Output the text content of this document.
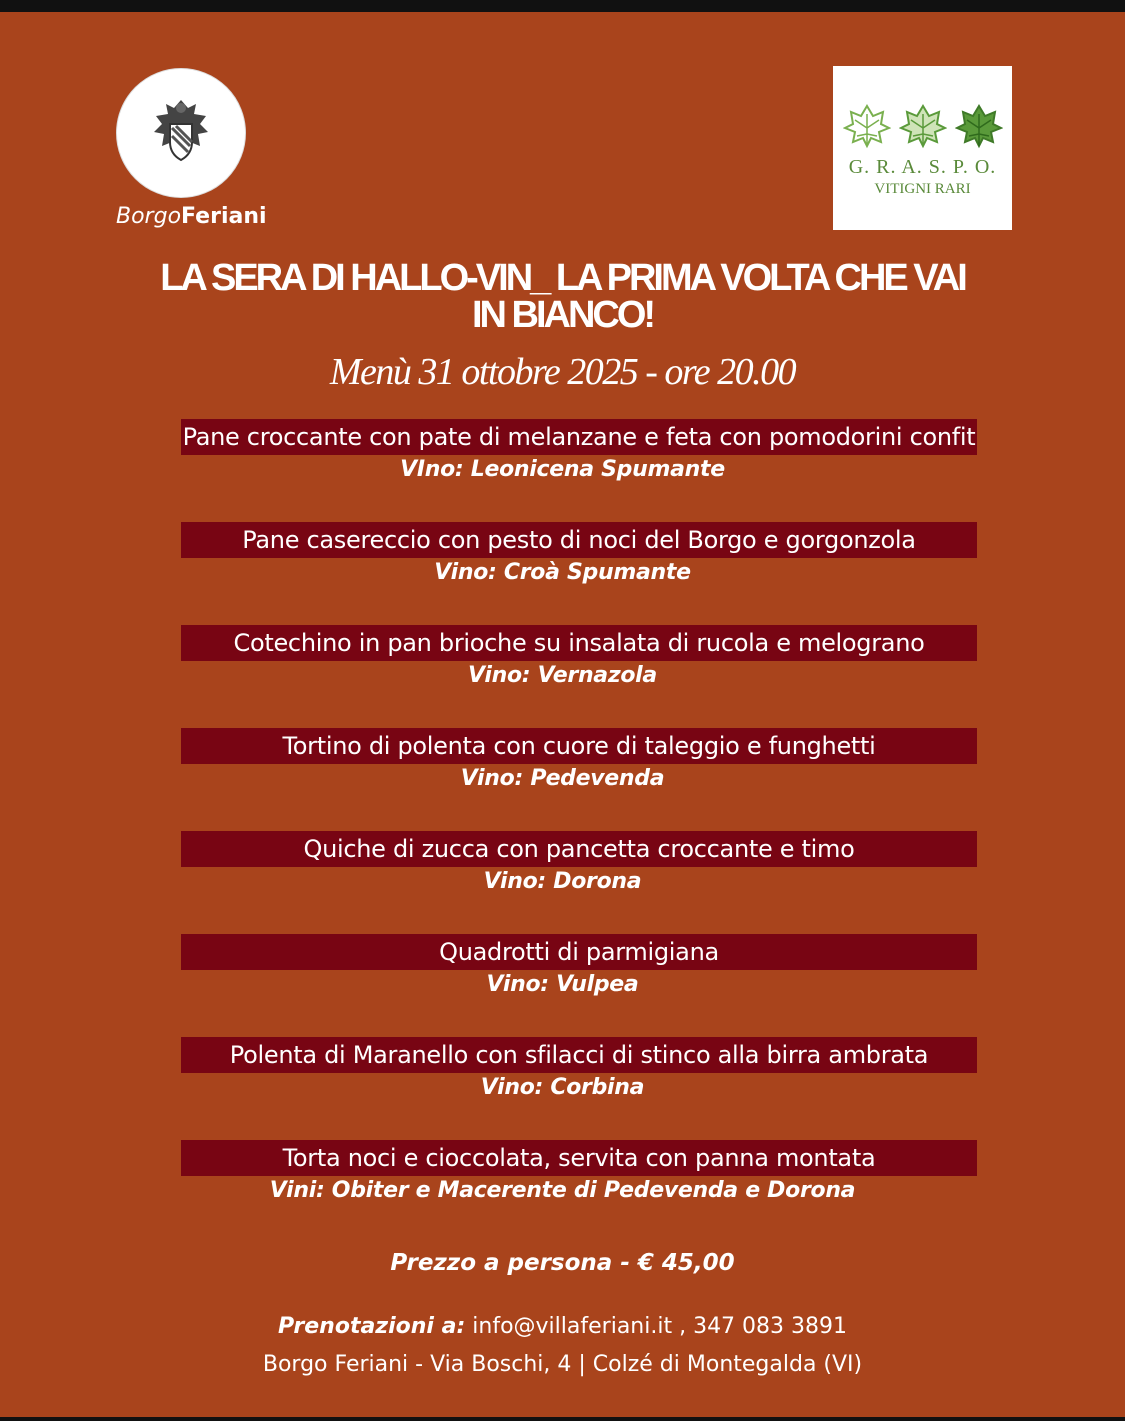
BorgoFeriani
G. R. A. S. P. O.
VITIGNI RARI
LA SERA DI HALLO-VIN_ LA PRIMA VOLTA CHE VAI
IN BIANCO!
Menù 31 ottobre 2025 - ore 20.00
Pane croccante con pate di melanzane e feta con pomodorini confit
VIno: Leonicena Spumante
Pane casereccio con pesto di noci del Borgo e gorgonzola
Vino: Croà Spumante
Cotechino in pan brioche su insalata di rucola e melograno
Vino: Vernazola
Tortino di polenta con cuore di taleggio e funghetti
Vino: Pedevenda
Quiche di zucca con pancetta croccante e timo
Vino: Dorona
Quadrotti di parmigiana
Vino: Vulpea
Polenta di Maranello con sfilacci di stinco alla birra ambrata
Vino: Corbina
Torta noci e cioccolata, servita con panna montata
Vini: Obiter e Macerente di Pedevenda e Dorona
Prezzo a persona - € 45,00
Prenotazioni a: info@villaferiani.it , 347 083 3891
Borgo Feriani - Via Boschi, 4 | Colzé di Montegalda (VI)
